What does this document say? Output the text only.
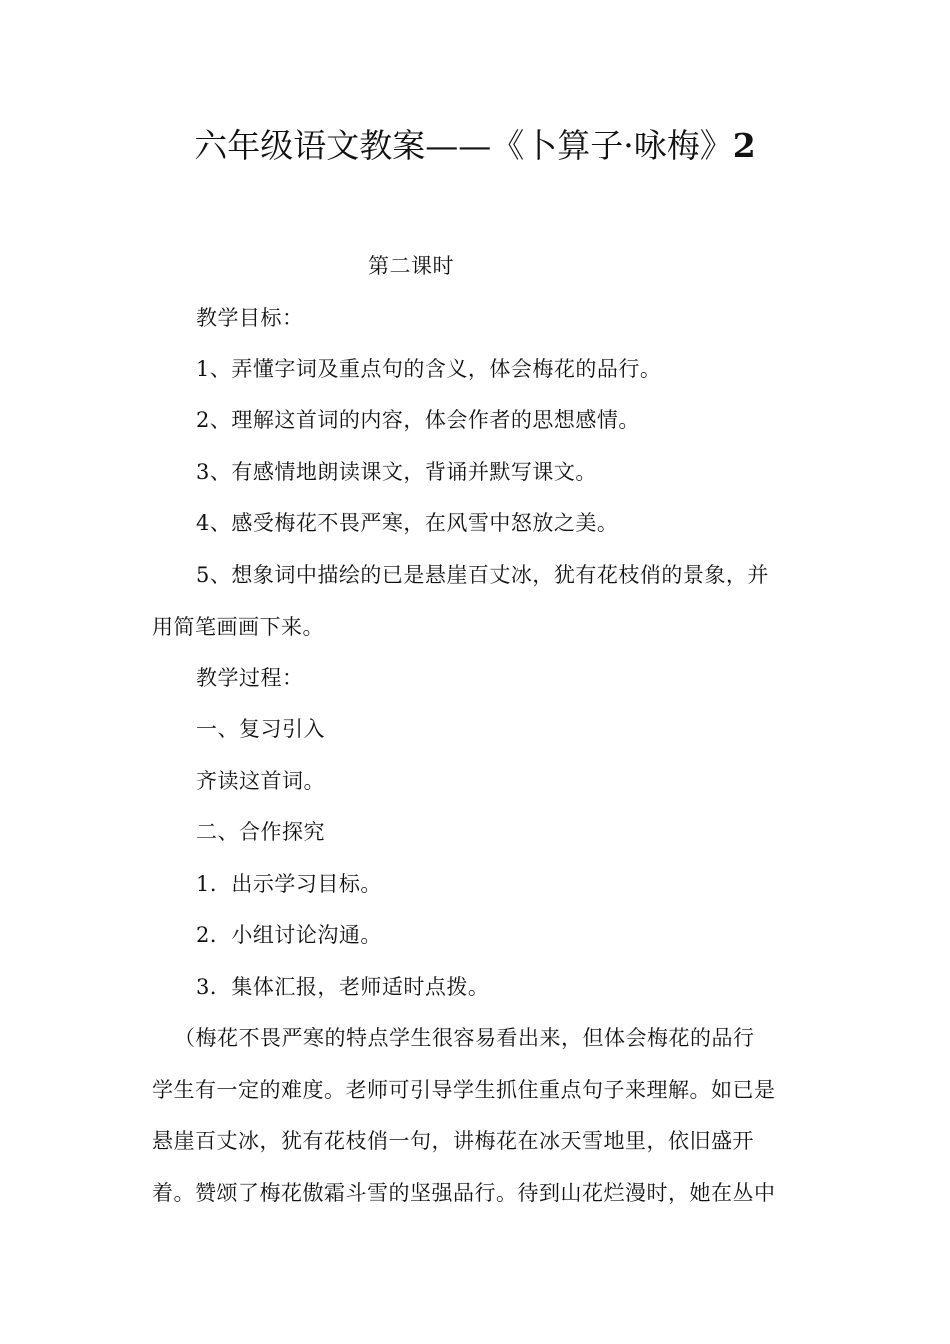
六年级语文教案——《卜算子·咏梅》2
第二课时
教学目标：
1、弄懂字词及重点句的含义，体会梅花的品行。
2、理解这首词的内容，体会作者的思想感情。
3、有感情地朗读课文，背诵并默写课文。
4、感受梅花不畏严寒，在风雪中怒放之美。
5、想象词中描绘的已是悬崖百丈冰，犹有花枝俏的景象，并
用简笔画画下来。
教学过程：
一、复习引入
齐读这首词。
二、合作探究
1．出示学习目标。
2．小组讨论沟通。
3．集体汇报，老师适时点拨。
（梅花不畏严寒的特点学生很容易看出来，但体会梅花的品行
学生有一定的难度。老师可引导学生抓住重点句子来理解。如已是
悬崖百丈冰，犹有花枝俏一句，讲梅花在冰天雪地里，依旧盛开
着。赞颂了梅花傲霜斗雪的坚强品行。待到山花烂漫时，她在丛中
